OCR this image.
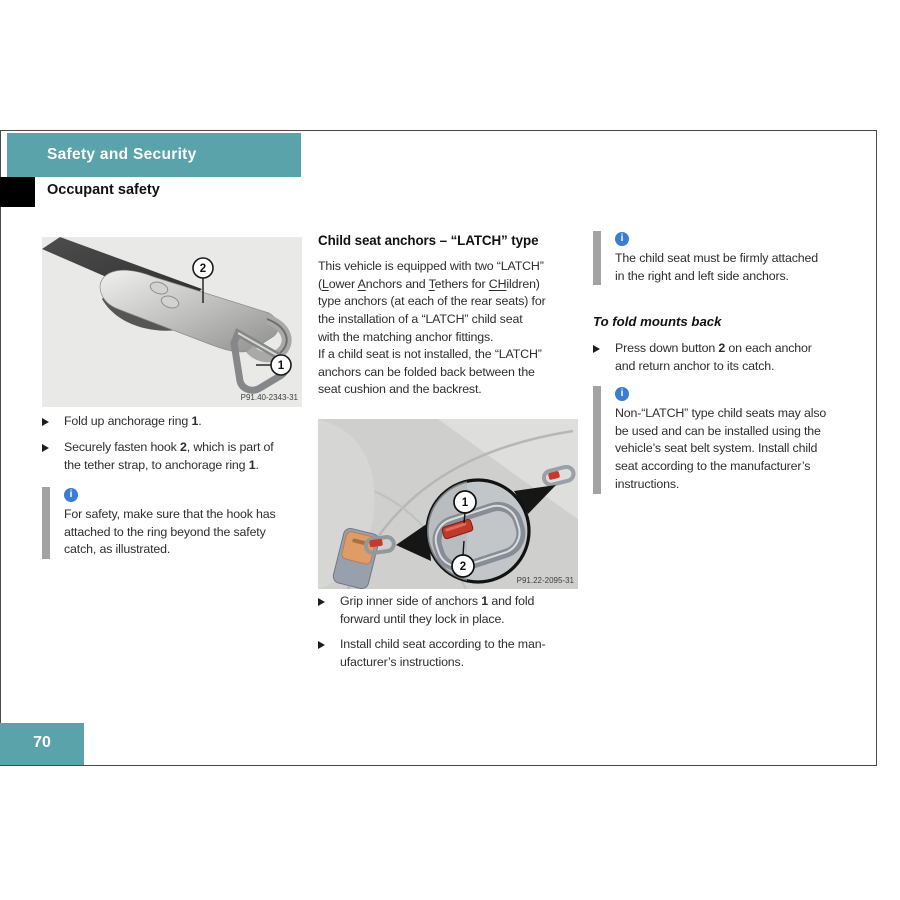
Safety and Security
Occupant safety
2
1
P91.40-2343-31
Fold up anchorage ring 1.
Securely fasten hook 2, which is part of
the tether strap, to anchorage ring 1.
i
For safety, make sure that the hook has
attached to the ring beyond the safety
catch, as illustrated.
Child seat anchors – “LATCH” type
This vehicle is equipped with two “LATCH”
(Lower Anchors and Tethers for CHildren)
type anchors (at each of the rear seats) for
the installation of a “LATCH” child seat
with the matching anchor fittings.
If a child seat is not installed, the “LATCH”
anchors can be folded back between the
seat cushion and the backrest.
1
2
P91.22-2095-31
Grip inner side of anchors 1 and fold
forward until they lock in place.
Install child seat according to the man-
ufacturer’s instructions.
i
The child seat must be firmly attached
in the right and left side anchors.
To fold mounts back
Press down button 2 on each anchor
and return anchor to its catch.
i
Non-“LATCH” type child seats may also
be used and can be installed using the
vehicle’s seat belt system. Install child
seat according to the manufacturer’s
instructions.
70
